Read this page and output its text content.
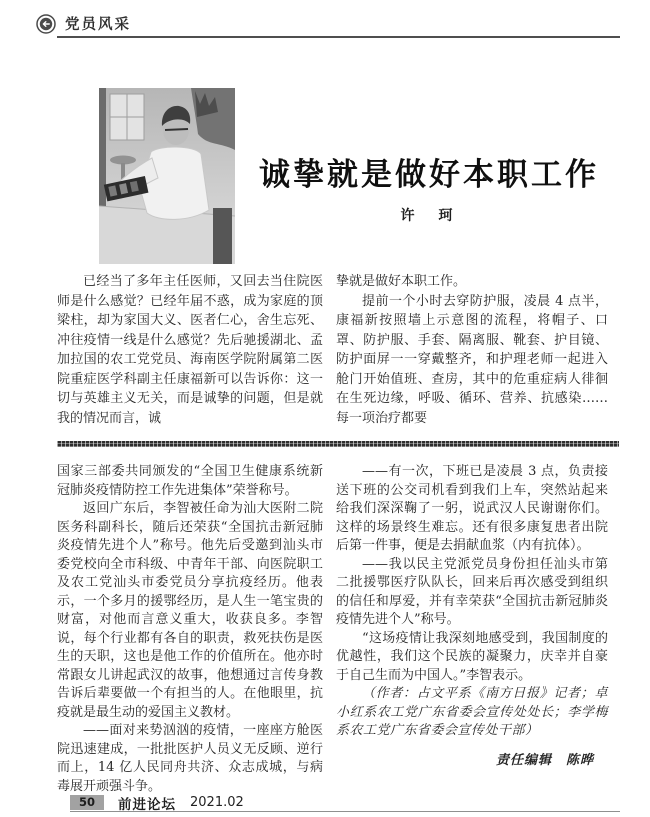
党员风采
诚挚就是做好本职工作
许　珂

已经当了多年主任医师，又回去当住院医师是什么感觉？已经年届不惑，成为家庭的顶梁柱，却为家国大义、医者仁心，舍生忘死、冲往疫情一线是什么感觉？先后驰援湖北、孟加拉国的农工党党员、海南医学院附属第二医院重症医学科副主任康福新可以告诉你：这一切与英雄主义无关，而是诚挚的问题，但是就我的情况而言，诚

挚就是做好本职工作。

提前一个小时去穿防护服，凌晨 4 点半，康福新按照墙上示意图的流程，将帽子、口罩、防护服、手套、隔离服、靴套、护目镜、防护面屏一一穿戴整齐，和护理老师一起进入舱门开始值班、查房，其中的危重症病人徘徊在生死边缘，呼吸、循环、营养、抗感染……每一项治疗都要

国家三部委共同颁发的“全国卫生健康系统新冠肺炎疫情防控工作先进集体”荣誉称号。

返回广东后，李智被任命为汕大医附二院医务科副科长，随后还荣获“全国抗击新冠肺炎疫情先进个人”称号。他先后受邀到汕头市委党校向全市科级、中青年干部、向医院职工及农工党汕头市委党员分享抗疫经历。他表示，一个多月的援鄂经历，是人生一笔宝贵的财富，对他而言意义重大，收获良多。李智说，每个行业都有各自的职责，救死扶伤是医生的天职，这也是他工作的价值所在。他亦时常跟女儿讲起武汉的故事，他想通过言传身教告诉后辈要做一个有担当的人。在他眼里，抗疫就是最生动的爱国主义教材。

——面对来势汹汹的疫情，一座座方舱医院迅速建成，一批批医护人员义无反顾、逆行而上，14 亿人民同舟共济、众志成城，与病毒展开顽强斗争。

——有一次，下班已是凌晨 3 点，负责接送下班的公交司机看到我们上车，突然站起来给我们深深鞠了一躬，说武汉人民谢谢你们。这样的场景终生难忘。还有很多康复患者出院后第一件事，便是去捐献血浆（内有抗体）。

——我以民主党派党员身份担任汕头市第二批援鄂医疗队队长，回来后再次感受到组织的信任和厚爱，并有幸荣获“全国抗击新冠肺炎疫情先进个人”称号。

“这场疫情让我深刻地感受到，我国制度的优越性，我们这个民族的凝聚力，庆幸并自豪于自己生而为中国人。”李智表示。

（作者：占文平系《南方日报》记者；卓小红系农工党广东省委会宣传处处长；李学梅系农工党广东省委会宣传处干部）

责任编辑　陈晔

50	前进论坛 2021.02
